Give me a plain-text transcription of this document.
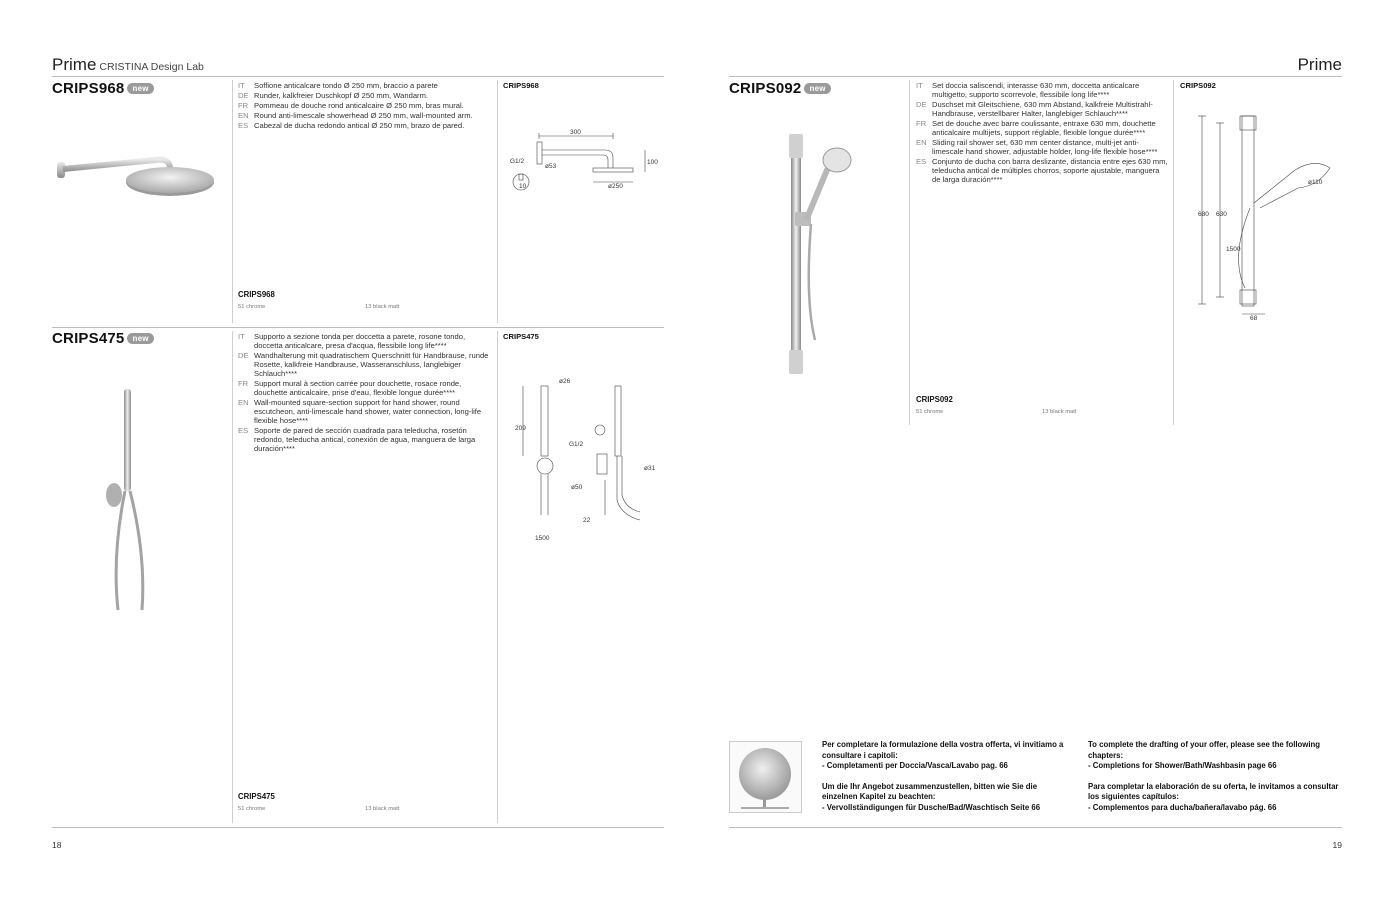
Prime CRISTINA Design Lab
CRIPS968 new	IT	Soffione anticalcare tondo Ø 250 mm, braccio a parete
DE Runder, kalkfreier Duschkopf Ø 250 mm, Wandarm.
FR Pommeau de douche rond anticalcaire Ø 250 mm, bras mural.
EN Round anti-limescale showerhead Ø 250 mm, wall-mounted arm.
ES Cabezal de ducha redondo antical Ø 250 mm, brazo de pared.
CRIPS968
300
G1/2
ø53
100
ø250
10
CRIPS968
51 chrome	13 black matt
CRIPS475 new	IT	Supporto a sezione tonda per doccetta a parete, rosone tondo, doccetta anticalcare, presa d'acqua, flessibile long life****
DE Wandhalterung mit quadratischem Querschnitt für Handbrause, runde Rosette, kalkfreie Handbrause, Wasseranschluss, langlebiger Schlauch****
FR Support mural à section carrée pour douchette, rosace ronde, douchette anticalcaire, prise d'eau, flexible longue durée****
EN Wall-mounted square-section support for hand shower, round escutcheon, anti-limescale hand shower, water connection, long-life flexible hose****
ES Soporte de pared de sección cuadrada para teleducha, rosetón redondo, teleducha antical, conexión de agua, manguera de larga duración****
CRIPS475
ø26
209
G1/2
ø31
ø50
22
1500
CRIPS475
51 chrome	13 black matt
18
Prime
CRIPS092 new	IT	Set doccia saliscendi, interasse 630 mm, doccetta anticalcare multigetto, supporto scorrevole, flessibile long life****
DE Duschset mit Gleitschiene, 630 mm Abstand, kalkfreie Multistrahl-Handbrause, verstellbarer Halter, langlebiger Schlauch****
FR Set de douche avec barre coulissante, entraxe 630 mm, douchette anticalcaire multijets, support réglable, flexible longue durée****
EN Sliding rail shower set, 630 mm center distance, multi-jet anti-limescale hand shower, adjustable holder, long-life flexible hose****
ES Conjunto de ducha con barra deslizante, distancia entre ejes 630 mm, teleducha antical de múltiples chorros, soporte ajustable, manguera de larga duración****
CRIPS092
ø110
680 630
1500
68
CRIPS092
51 chrome	13 black matt

Per completare la formulazione della vostra offerta, vi invitiamo a consultare i capitoli:
- Completamenti per Doccia/Vasca/Lavabo pag. 66

Um die Ihr Angebot zusammenzustellen, bitten wie Sie die einzelnen Kapitel zu beachten:
- Vervollständigungen für Dusche/Bad/Waschtisch Seite 66

To complete the drafting of your offer, please see the following chapters:
- Completions for Shower/Bath/Washbasin page 66

Para completar la elaboración de su oferta, le invitamos a consultar los siguientes capítulos:
- Complementos para ducha/bañera/lavabo pág. 66

19
